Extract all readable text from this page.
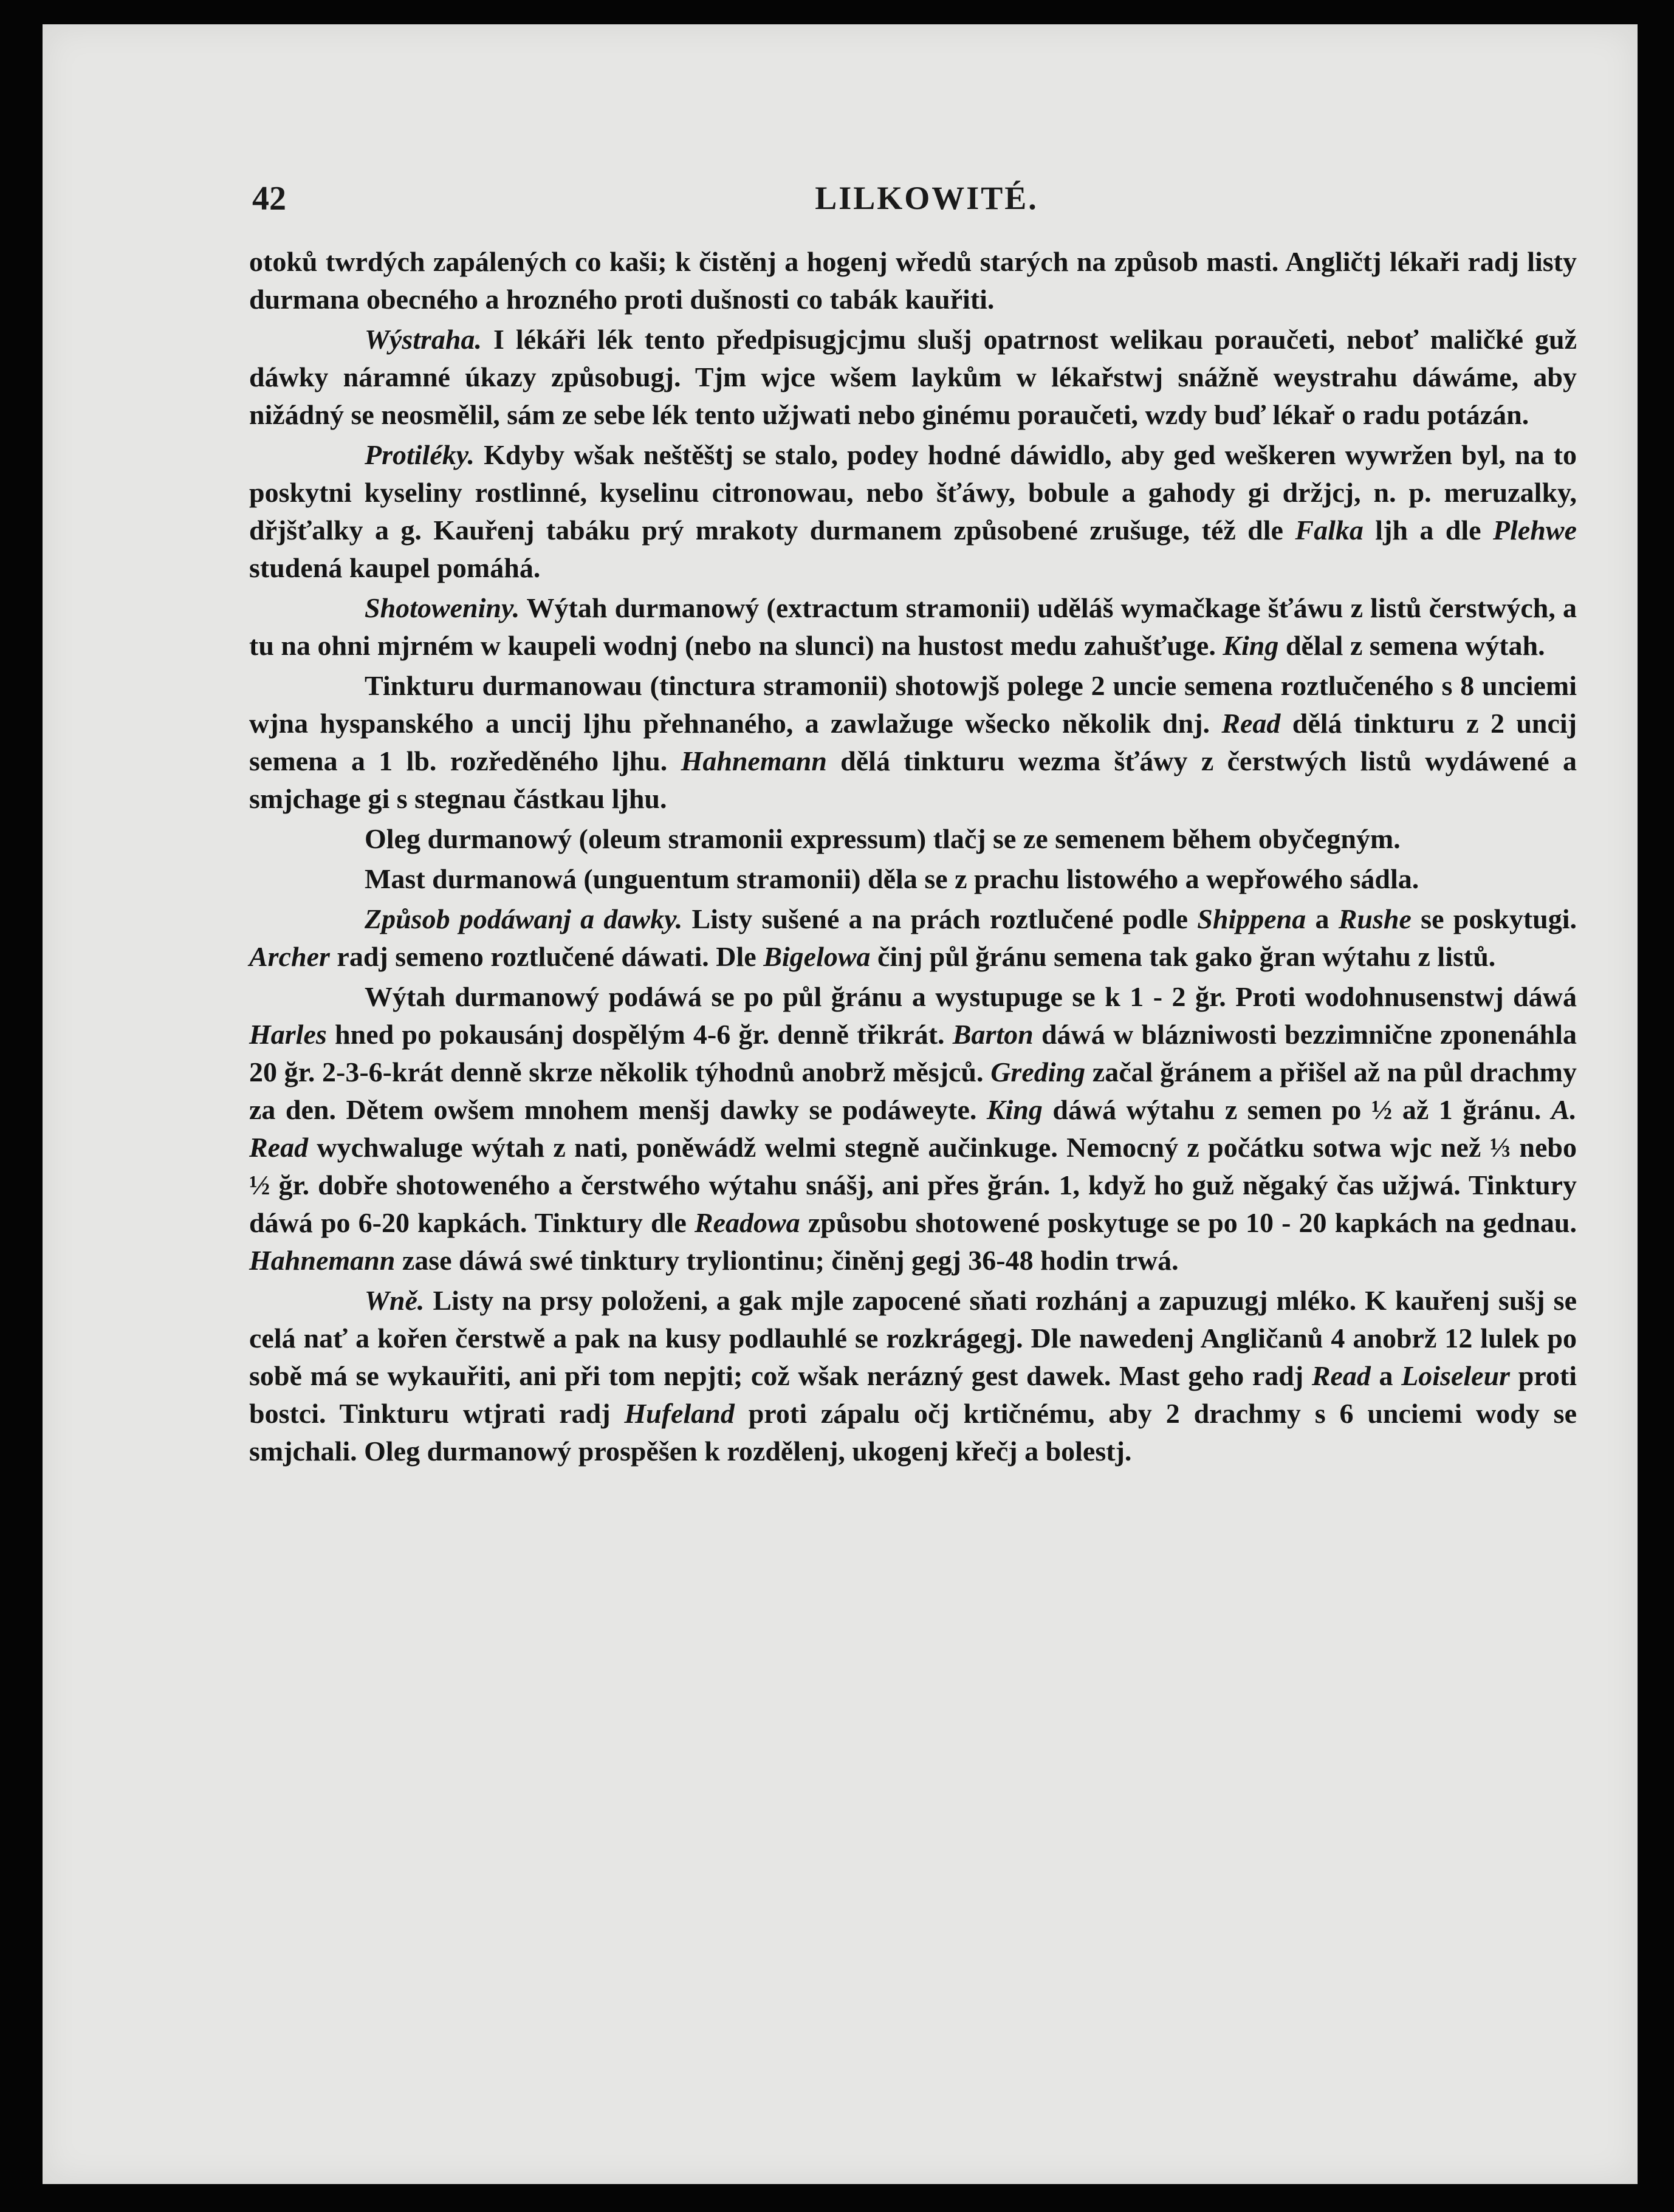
42	LILKOWITÉ.

otoků twrdých zapálených co kaši; k čistěnj a hogenj wředů starých na způsob masti. Angličtj lékaři radj listy durmana obecného a hrozného proti dušnosti co tabák kauřiti.

Wýstraha. I lékáři lék tento předpisugjcjmu slušj opatrnost welikau poraučeti, neboť maličké guž dáwky náramné úkazy způsobugj. Tjm wjce wšem laykům w lékařstwj snážně weystrahu dáwáme, aby nižádný se neosmělil, sám ze sebe lék tento užjwati nebo ginému poraučeti, wzdy buď lékař o radu potázán.

Protiléky. Kdyby wšak neštěštj se stalo, podey hodné dáwidlo, aby ged weškeren wywržen byl, na to poskytni kyseliny rostlinné, kyselinu citronowau, nebo šťáwy, bobule a gahody gi držjcj, n. p. meruzalky, dřjšťalky a g. Kauřenj tabáku prý mrakoty durmanem způsobené zrušuge, též dle Falka ljh a dle Plehwe studená kaupel pomáhá.

Shotoweniny. Wýtah durmanowý (extractum stramonii) uděláš wymačkage šťáwu z listů čerstwých, a tu na ohni mjrném w kaupeli wodnj (nebo na slunci) na hustost medu zahušťuge. King dělal z semena wýtah.

Tinkturu durmanowau (tinctura stramonii) shotowjš polege 2 uncie semena roztlučeného s 8 unciemi wjna hyspanského a uncij ljhu přehnaného, a zawlažuge wšecko několik dnj. Read dělá tinkturu z 2 uncij semena a 1 lb. rozředěného ljhu. Hahnemann dělá tinkturu wezma šťáwy z čerstwých listů wydáwené a smjchage gi s stegnau částkau ljhu.

Oleg durmanowý (oleum stramonii expressum) tlačj se ze semenem během obyčegným.

Mast durmanowá (unguentum stramonii) děla se z prachu listowého a wepřowého sádla.

Způsob podáwanj a dawky. Listy sušené a na prách roztlučené podle Shippena a Rushe se poskytugi. Archer radj semeno roztlučené dáwati. Dle Bigelowa činj půl ğránu semena tak gako ğran wýtahu z listů.

Wýtah durmanowý podáwá se po půl ğránu a wystupuge se k 1 - 2 ğr. Proti wodohnusenstwj dáwá Harles hned po pokausánj dospělým 4-6 ğr. denně třikrát. Barton dáwá w blázniwosti bezzimnične zponenáhla 20 ğr. 2-3-6-krát denně skrze několik týhodnů anobrž měsjců. Greding začal ğránem a přišel až na půl drachmy za den. Dětem owšem mnohem menšj dawky se podáweyte. King dáwá wýtahu z semen po ½ až 1 ğránu. A. Read wychwaluge wýtah z nati, poněwádž welmi stegně aučinkuge. Nemocný z počátku sotwa wjc než ⅓ nebo ½ ğr. dobře shotoweného a čerstwého wýtahu snášj, ani přes ğrán. 1, když ho guž něgaký čas užjwá. Tinktury dáwá po 6-20 kapkách. Tinktury dle Readowa způsobu shotowené poskytuge se po 10 - 20 kapkách na gednau. Hahnemann zase dáwá swé tinktury tryliontinu; činěnj gegj 36-48 hodin trwá.

Wně. Listy na prsy položeni, a gak mjle zapocené sňati rozhánj a zapuzugj mléko. K kauřenj sušj se celá nať a kořen čerstwě a pak na kusy podlauhlé se rozkrágegj. Dle nawedenj Angličanů 4 anobrž 12 lulek po sobě má se wykauřiti, ani při tom nepjti; což wšak nerázný gest dawek. Mast geho radj Read a Loiseleur proti bostci. Tinkturu wtjrati radj Hufeland proti zápalu očj krtičnému, aby 2 drachmy s 6 unciemi wody se smjchali. Oleg durmanowý prospěšen k rozdělenj, ukogenj křečj a bolestj.
